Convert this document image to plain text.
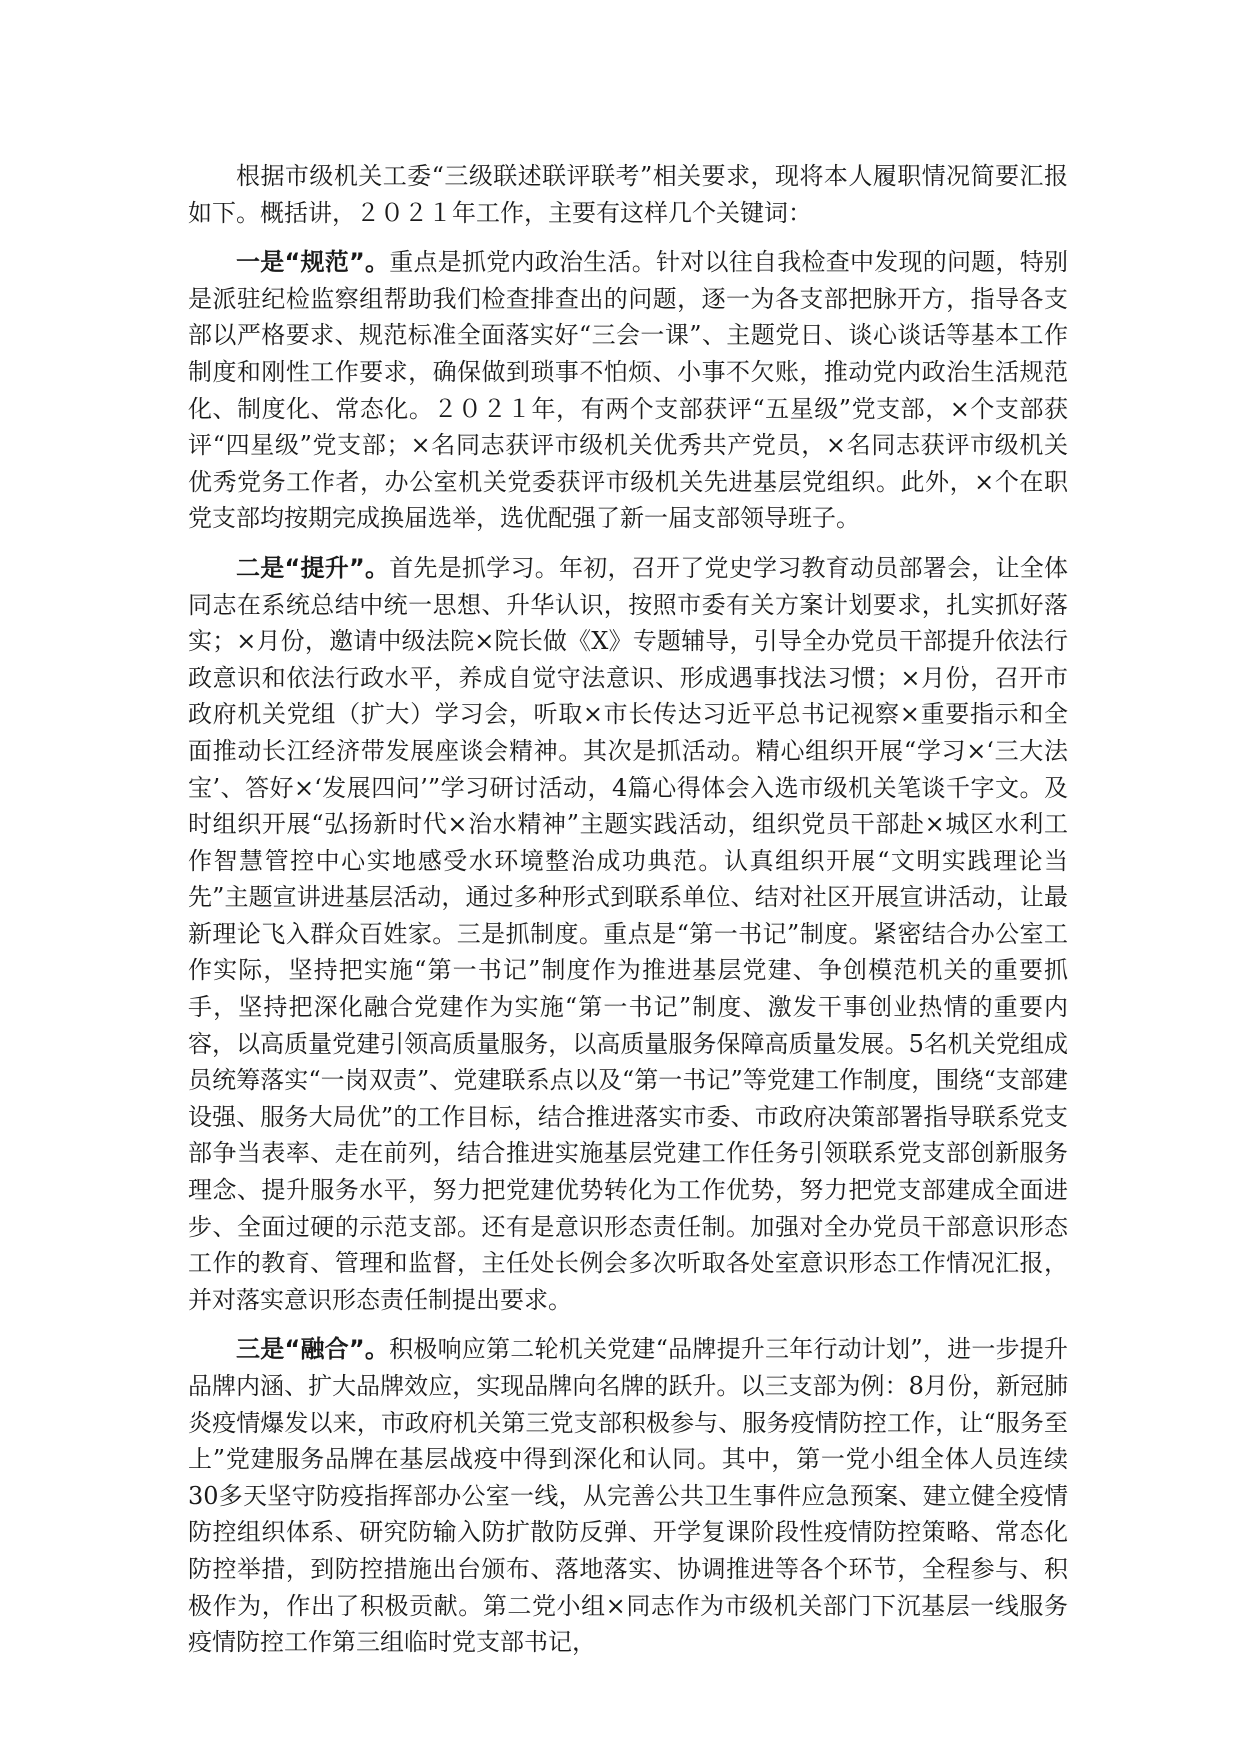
根据市级机关工委“三级联述联评联考”相关要求，现将本人履职情况简要汇报如下。概括讲，２０２１年工作，主要有这样几个关键词：

一是“规范”。重点是抓党内政治生活。针对以往自我检查中发现的问题，特别是派驻纪检监察组帮助我们检查排查出的问题，逐一为各支部把脉开方，指导各支部以严格要求、规范标准全面落实好“三会一课”、主题党日、谈心谈话等基本工作制度和刚性工作要求，确保做到琐事不怕烦、小事不欠账，推动党内政治生活规范化、制度化、常态化。２０２１年，有两个支部获评“五星级”党支部，×个支部获评“四星级”党支部；×名同志获评市级机关优秀共产党员，×名同志获评市级机关优秀党务工作者，办公室机关党委获评市级机关先进基层党组织。此外，×个在职党支部均按期完成换届选举，选优配强了新一届支部领导班子。

二是“提升”。首先是抓学习。年初，召开了党史学习教育动员部署会，让全体同志在系统总结中统一思想、升华认识，按照市委有关方案计划要求，扎实抓好落实；×月份，邀请中级法院×院长做《X》专题辅导，引导全办党员干部提升依法行政意识和依法行政水平，养成自觉守法意识、形成遇事找法习惯；×月份，召开市政府机关党组（扩大）学习会，听取×市长传达习近平总书记视察×重要指示和全面推动长江经济带发展座谈会精神。其次是抓活动。精心组织开展“学习×‘三大法宝’、答好×‘发展四问’”学习研讨活动，4篇心得体会入选市级机关笔谈千字文。及时组织开展“弘扬新时代×治水精神”主题实践活动，组织党员干部赴×城区水利工作智慧管控中心实地感受水环境整治成功典范。认真组织开展“文明实践理论当先”主题宣讲进基层活动，通过多种形式到联系单位、结对社区开展宣讲活动，让最新理论飞入群众百姓家。三是抓制度。重点是“第一书记”制度。紧密结合办公室工作实际，坚持把实施“第一书记”制度作为推进基层党建、争创模范机关的重要抓手，坚持把深化融合党建作为实施“第一书记”制度、激发干事创业热情的重要内容，以高质量党建引领高质量服务，以高质量服务保障高质量发展。5名机关党组成员统筹落实“一岗双责”、党建联系点以及“第一书记”等党建工作制度，围绕“支部建设强、服务大局优”的工作目标，结合推进落实市委、市政府决策部署指导联系党支部争当表率、走在前列，结合推进实施基层党建工作任务引领联系党支部创新服务理念、提升服务水平，努力把党建优势转化为工作优势，努力把党支部建成全面进步、全面过硬的示范支部。还有是意识形态责任制。加强对全办党员干部意识形态工作的教育、管理和监督，主任处长例会多次听取各处室意识形态工作情况汇报，并对落实意识形态责任制提出要求。

三是“融合”。积极响应第二轮机关党建“品牌提升三年行动计划”，进一步提升品牌内涵、扩大品牌效应，实现品牌向名牌的跃升。以三支部为例：8月份，新冠肺炎疫情爆发以来，市政府机关第三党支部积极参与、服务疫情防控工作，让“服务至上”党建服务品牌在基层战疫中得到深化和认同。其中，第一党小组全体人员连续30多天坚守防疫指挥部办公室一线，从完善公共卫生事件应急预案、建立健全疫情防控组织体系、研究防输入防扩散防反弹、开学复课阶段性疫情防控策略、常态化防控举措，到防控措施出台颁布、落地落实、协调推进等各个环节，全程参与、积极作为，作出了积极贡献。第二党小组×同志作为市级机关部门下沉基层一线服务疫情防控工作第三组临时党支部书记，
